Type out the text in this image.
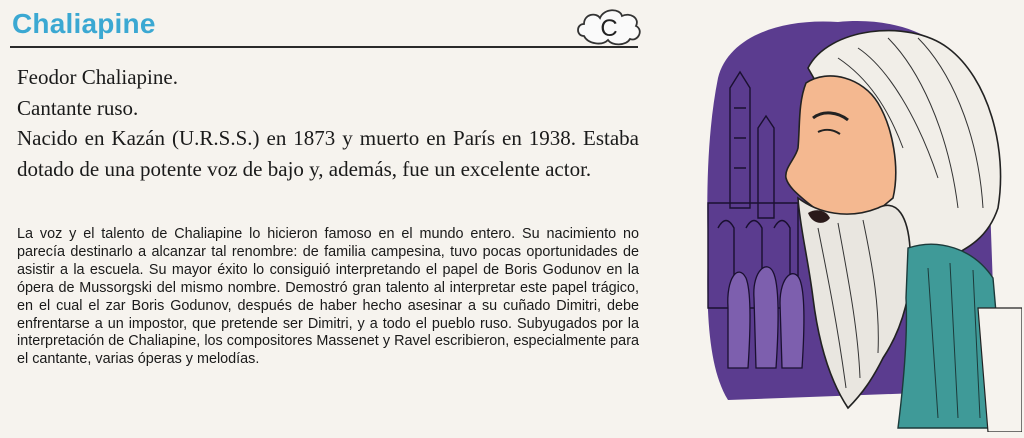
Chaliapine	C

Feodor Chaliapine.

Cantante ruso.

Nacido en Kazán (U.R.S.S.) en 1873 y muerto en París en 1938. Estaba dotado de una potente voz de bajo y, además, fue un excelente actor.

La voz y el talento de Chaliapine lo hicieron famoso en el mundo entero. Su nacimiento no parecía destinarlo a alcanzar tal renombre: de familia campesina, tuvo pocas oportunidades de asistir a la escuela. Su mayor éxito lo consiguió interpretando el papel de Boris Godunov en la ópera de Mussorgski del mismo nombre. Demostró gran talento al interpretar este papel trágico, en el cual el zar Boris Godunov, después de haber hecho asesinar a su cuñado Dimitri, debe enfrentarse a un impostor, que pretende ser Dimitri, y a todo el pueblo ruso. Subyugados por la interpretación de Chaliapine, los compositores Massenet y Ravel escribieron, especialmente para el cantante, varias óperas y melodías.
